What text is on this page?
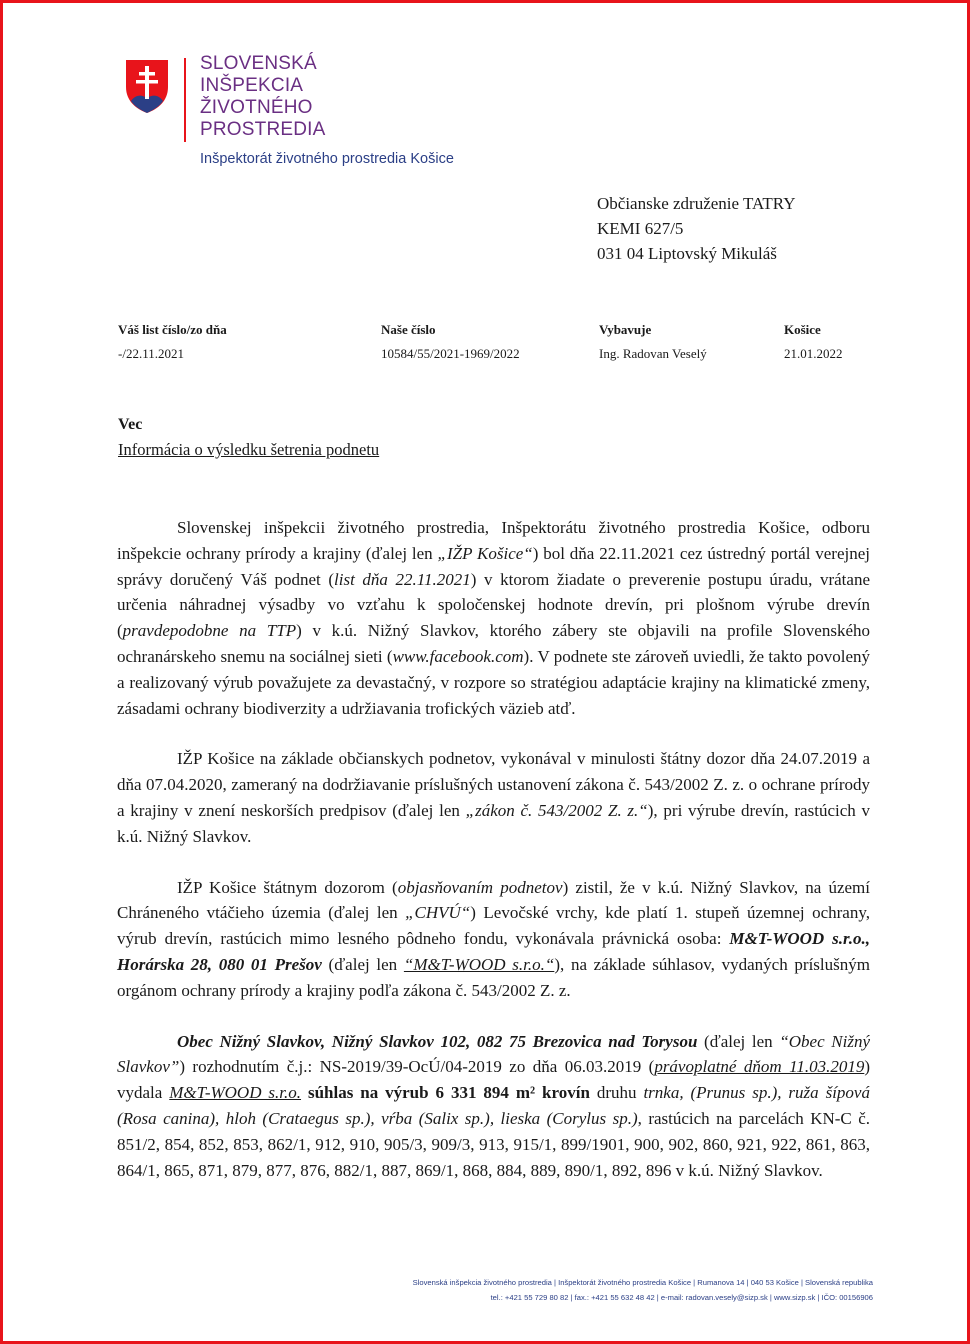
SLOVENSKÁ
INŠPEKCIA
ŽIVOTNÉHO
PROSTREDIA
Inšpektorát životného prostredia Košice
Občianske združenie TATRY
KEMI 627/5
031 04 Liptovský Mikuláš
Váš list číslo/zo dňa
-/22.11.2021
Naše číslo
10584/55/2021-1969/2022
Vybavuje
Ing. Radovan Veselý
Košice
21.01.2022
Vec
Informácia o výsledku šetrenia podnetu

Slovenskej inšpekcii životného prostredia, Inšpektorátu životného prostredia Košice, odboru inšpekcie ochrany prírody a krajiny (ďalej len „IŽP Košice“) bol dňa 22.11.2021 cez ústredný portál verejnej správy doručený Váš podnet (list dňa 22.11.2021) v ktorom žiadate o preverenie postupu úradu, vrátane určenia náhradnej výsadby vo vzťahu k spoločenskej hodnote drevín, pri plošnom výrube drevín (pravdepodobne na TTP) v k.ú. Nižný Slavkov, ktorého zábery ste objavili na profile Slovenského ochranárskeho snemu na sociálnej sieti (www.facebook.com). V podnete ste zároveň uviedli, že takto povolený a realizovaný výrub považujete za devastačný, v rozpore so stratégiou adaptácie krajiny na klimatické zmeny, zásadami ochrany biodiverzity a udržiavania trofických väzieb atď.

IŽP Košice na základe občianskych podnetov, vykonával v minulosti štátny dozor dňa 24.07.2019 a dňa 07.04.2020, zameraný na dodržiavanie príslušných ustanovení zákona č. 543/2002 Z. z. o ochrane prírody a krajiny v znení neskorších predpisov (ďalej len „zákon č. 543/2002 Z. z.“), pri výrube drevín, rastúcich v k.ú. Nižný Slavkov.

IŽP Košice štátnym dozorom (objasňovaním podnetov) zistil, že v k.ú. Nižný Slavkov, na území Chráneného vtáčieho územia (ďalej len „CHVÚ“) Levočské vrchy, kde platí 1. stupeň územnej ochrany, výrub drevín, rastúcich mimo lesného pôdneho fondu, vykonávala právnická osoba: M&T-WOOD s.r.o., Horárska 28, 080 01 Prešov (ďalej len “M&T-WOOD s.r.o.“), na základe súhlasov, vydaných príslušným orgánom ochrany prírody a krajiny podľa zákona č. 543/2002 Z. z.

Obec Nižný Slavkov, Nižný Slavkov 102, 082 75 Brezovica nad Torysou (ďalej len “Obec Nižný Slavkov”) rozhodnutím č.j.: NS-2019/39-OcÚ/04-2019 zo dňa 06.03.2019 (právoplatné dňom 11.03.2019) vydala M&T-WOOD s.r.o. súhlas na výrub 6 331 894 m² krovín druhu trnka, (Prunus sp.), ruža šípová (Rosa canina), hloh (Crataegus sp.), vŕba (Salix sp.), lieska (Corylus sp.), rastúcich na parcelách KN-C č. 851/2, 854, 852, 853, 862/1, 912, 910, 905/3, 909/3, 913, 915/1, 899/1901, 900, 902, 860, 921, 922, 861, 863, 864/1, 865, 871, 879, 877, 876, 882/1, 887, 869/1, 868, 884, 889, 890/1, 892, 896 v k.ú. Nižný Slavkov.

Slovenská inšpekcia životného prostredia | Inšpektorát životného prostredia Košice | Rumanova 14 | 040 53 Košice | Slovenská republika
tel.: +421 55 729 80 82 | fax.: +421 55 632 48 42 | e-mail: radovan.vesely@sizp.sk | www.sizp.sk | IČO: 00156906
